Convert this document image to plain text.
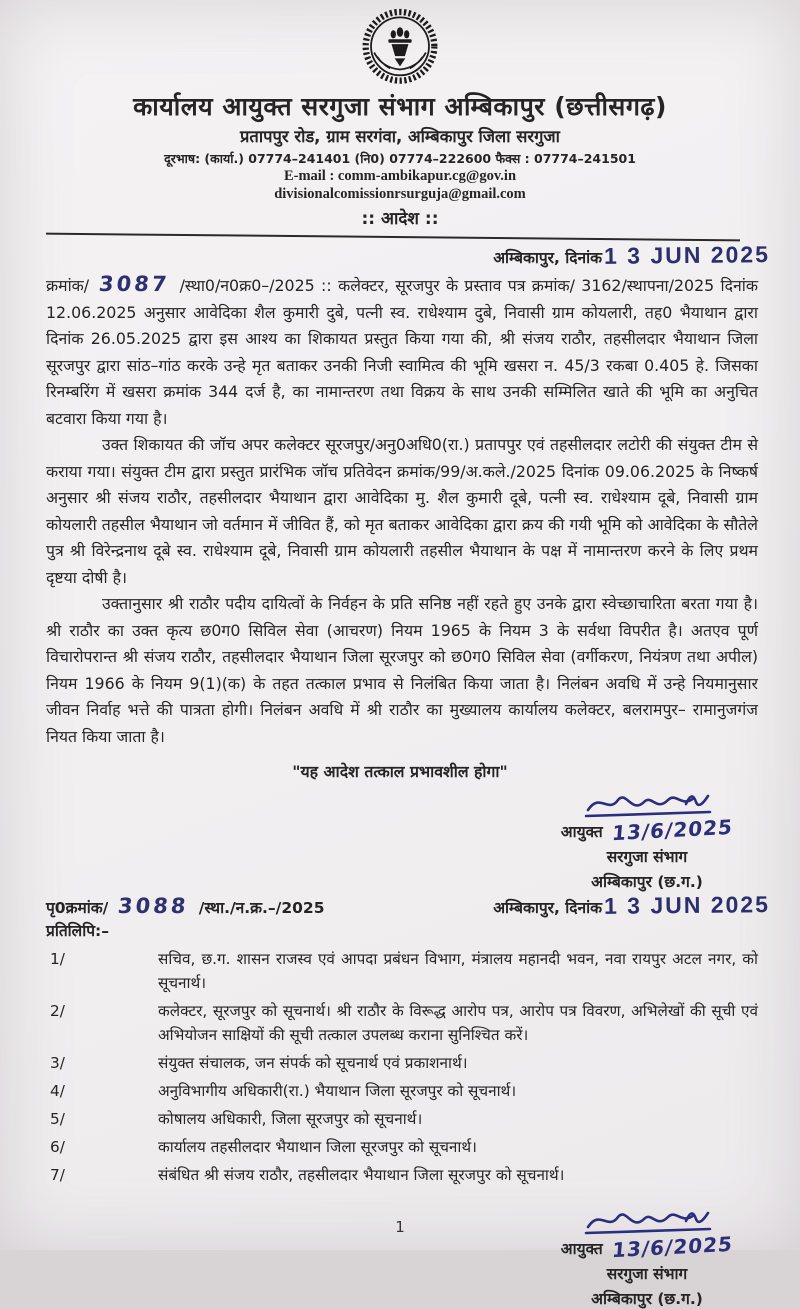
कार्यालय आयुक्त सरगुजा संभाग अम्बिकापुर (छत्तीसगढ़)
प्रतापपुर रोड, ग्राम सरगंवा, अम्बिकापुर जिला सरगुजा
दूरभाष: (कार्या.) 07774–241401 (नि0) 07774–222600 फैक्स : 07774–241501
E-mail : comm-ambikapur.cg@gov.in
divisionalcomissionrsurguja@gmail.com
:: आदेश ::
अम्बिकापुर, दिनांक 1 3 JUN 2025

क्रमांक/ 3087 /स्था0/न0क्र0–/2025 :: कलेक्टर, सूरजपुर के प्रस्ताव पत्र क्रमांक/ 3162/स्थापना/2025 दिनांक 12.06.2025 अनुसार आवेदिका शैल कुमारी दुबे, पत्नी स्व. राधेश्याम दुबे, निवासी ग्राम कोयलारी, तह0 भैयाथान द्वारा दिनांक 26.05.2025 द्वारा इस आश्य का शिकायत प्रस्तुत किया गया की, श्री संजय राठौर, तहसीलदार भैयाथान जिला सूरजपुर द्वारा सांठ–गांठ करके उन्हे मृत बताकर उनकी निजी स्वामित्व की भूमि खसरा न. 45/3 रकबा 0.405 हे. जिसका रिनम्बरिंग में खसरा क्रमांक 344 दर्ज है, का नामान्तरण तथा विक्रय के साथ उनकी सम्मिलित खाते की भूमि का अनुचित बटवारा किया गया है।

उक्त शिकायत की जॉच अपर कलेक्टर सूरजपुर/अनु0अधि0(रा.) प्रतापपुर एवं तहसीलदार लटोरी की संयुक्त टीम से कराया गया। संयुक्त टीम द्वारा प्रस्तुत प्रारंभिक जॉच प्रतिवेदन क्रमांक/99/अ.कले./2025 दिनांक 09.06.2025 के निष्कर्ष अनुसार श्री संजय राठौर, तहसीलदार भैयाथान द्वारा आवेदिका मु. शैल कुमारी दूबे, पत्नी स्व. राधेश्याम दूबे, निवासी ग्राम कोयलारी तहसील भैयाथान जो वर्तमान में जीवित हैं, को मृत बताकर आवेदिका द्वारा क्रय की गयी भूमि को आवेदिका के सौतेले पुत्र श्री विरेन्द्रनाथ दूबे स्व. राधेश्याम दूबे, निवासी ग्राम कोयलारी तहसील भैयाथान के पक्ष में नामान्तरण करने के लिए प्रथम दृष्टया दोषी है।

उक्तानुसार श्री राठौर पदीय दायित्वों के निर्वहन के प्रति सनिष्ठ नहीं रहते हुए उनके द्वारा स्वेच्छाचारिता बरता गया है। श्री राठौर का उक्त कृत्य छ0ग0 सिविल सेवा (आचरण) नियम 1965 के नियम 3 के सर्वथा विपरीत है। अतएव पूर्ण विचारोपरान्त श्री संजय राठौर, तहसीलदार भैयाथान जिला सूरजपुर को छ0ग0 सिविल सेवा (वर्गीकरण, नियंत्रण तथा अपील) नियम 1966 के नियम 9(1)(क) के तहत तत्काल प्रभाव से निलंबित किया जाता है। निलंबन अवधि में उन्हे नियमानुसार जीवन निर्वाह भत्ते की पात्रता होगी। निलंबन अवधि में श्री राठौर का मुख्यालय कार्यालय कलेक्टर, बलरामपुर– रामानुजगंज नियत किया जाता है।

"यह आदेश तत्काल प्रभावशील होगा"
आयुक्त 13/6/2025
सरगुजा संभाग
अम्बिकापुर (छ.ग.)
पृ0क्रमांक/ 3088 /स्था./न.क्र.–/2025	अम्बिकापुर, दिनांक 1 3 JUN 2025
प्रतिलिपि:–
1/	सचिव, छ.ग. शासन राजस्व एवं आपदा प्रबंधन विभाग, मंत्रालय महानदी भवन, नवा रायपुर अटल नगर, को सूचनार्थ।
2/	कलेक्टर, सूरजपुर को सूचनार्थ। श्री राठौर के विरूद्ध आरोप पत्र, आरोप पत्र विवरण, अभिलेखों की सूची एवं अभियोजन साक्षियों की सूची तत्काल उपलब्ध कराना सुनिश्चित करें।
3/	संयुक्त संचालक, जन संपर्क को सूचनार्थ एवं प्रकाशनार्थ।
4/	अनुविभागीय अधिकारी(रा.) भैयाथान जिला सूरजपुर को सूचनार्थ।
5/	कोषालय अधिकारी, जिला सूरजपुर को सूचनार्थ।
6/	कार्यालय तहसीलदार भैयाथान जिला सूरजपुर को सूचनार्थ।
7/	संबंधित श्री संजय राठौर, तहसीलदार भैयाथान जिला सूरजपुर को सूचनार्थ।
आयुक्त 13/6/2025
सरगुजा संभाग
अम्बिकापुर (छ.ग.)
1
